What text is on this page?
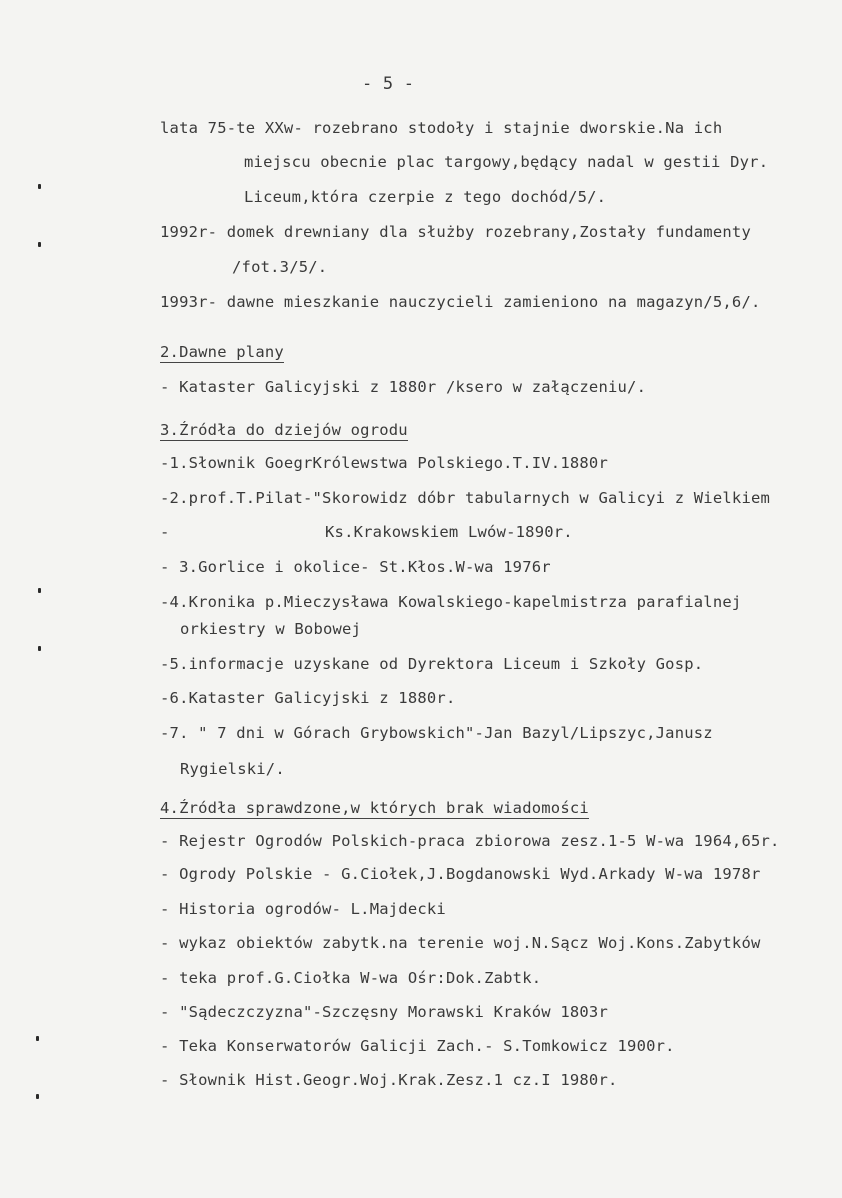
- 5 -
lata 75-te XXw- rozebrano stodoły i stajnie dworskie.Na ich
miejscu obecnie plac targowy,będący nadal w gestii Dyr.
Liceum,która czerpie z tego dochód/5/.
1992r- domek drewniany dla służby rozebrany,Zostały fundamenty
/fot.3/5/.
1993r- dawne mieszkanie nauczycieli zamieniono na magazyn/5,6/.
2.Dawne plany
- Kataster Galicyjski z 1880r /ksero w załączeniu/.
3.Źródła do dziejów ogrodu
-1.Słownik GoegrKrólewstwa Polskiego.T.IV.1880r
-2.prof.T.Pilat-"Skorowidz dóbr tabularnych w Galicyi z Wielkiem
-	Ks.Krakowskiem Lwów-1890r.
- 3.Gorlice i okolice- St.Kłos.W-wa 1976r
-4.Kronika p.Mieczysława Kowalskiego-kapelmistrza parafialnej
orkiestry w Bobowej
-5.informacje uzyskane od Dyrektora Liceum i Szkoły Gosp.
-6.Kataster Galicyjski z 1880r.
-7. " 7 dni w Górach Grybowskich"-Jan Bazyl/Lipszyc,Janusz
Rygielski/.
4.Źródła sprawdzone,w których brak wiadomości
- Rejestr Ogrodów Polskich-praca zbiorowa zesz.1-5 W-wa 1964,65r.
- Ogrody Polskie - G.Ciołek,J.Bogdanowski Wyd.Arkady W-wa 1978r
- Historia ogrodów- L.Majdecki
- wykaz obiektów zabytk.na terenie woj.N.Sącz Woj.Kons.Zabytków
- teka prof.G.Ciołka W-wa Ośr:Dok.Zabtk.
- "Sądeczczyzna"-Szczęsny Morawski Kraków 1803r
- Teka Konserwatorów Galicji Zach.- S.Tomkowicz 1900r.
- Słownik Hist.Geogr.Woj.Krak.Zesz.1 cz.I 1980r.
